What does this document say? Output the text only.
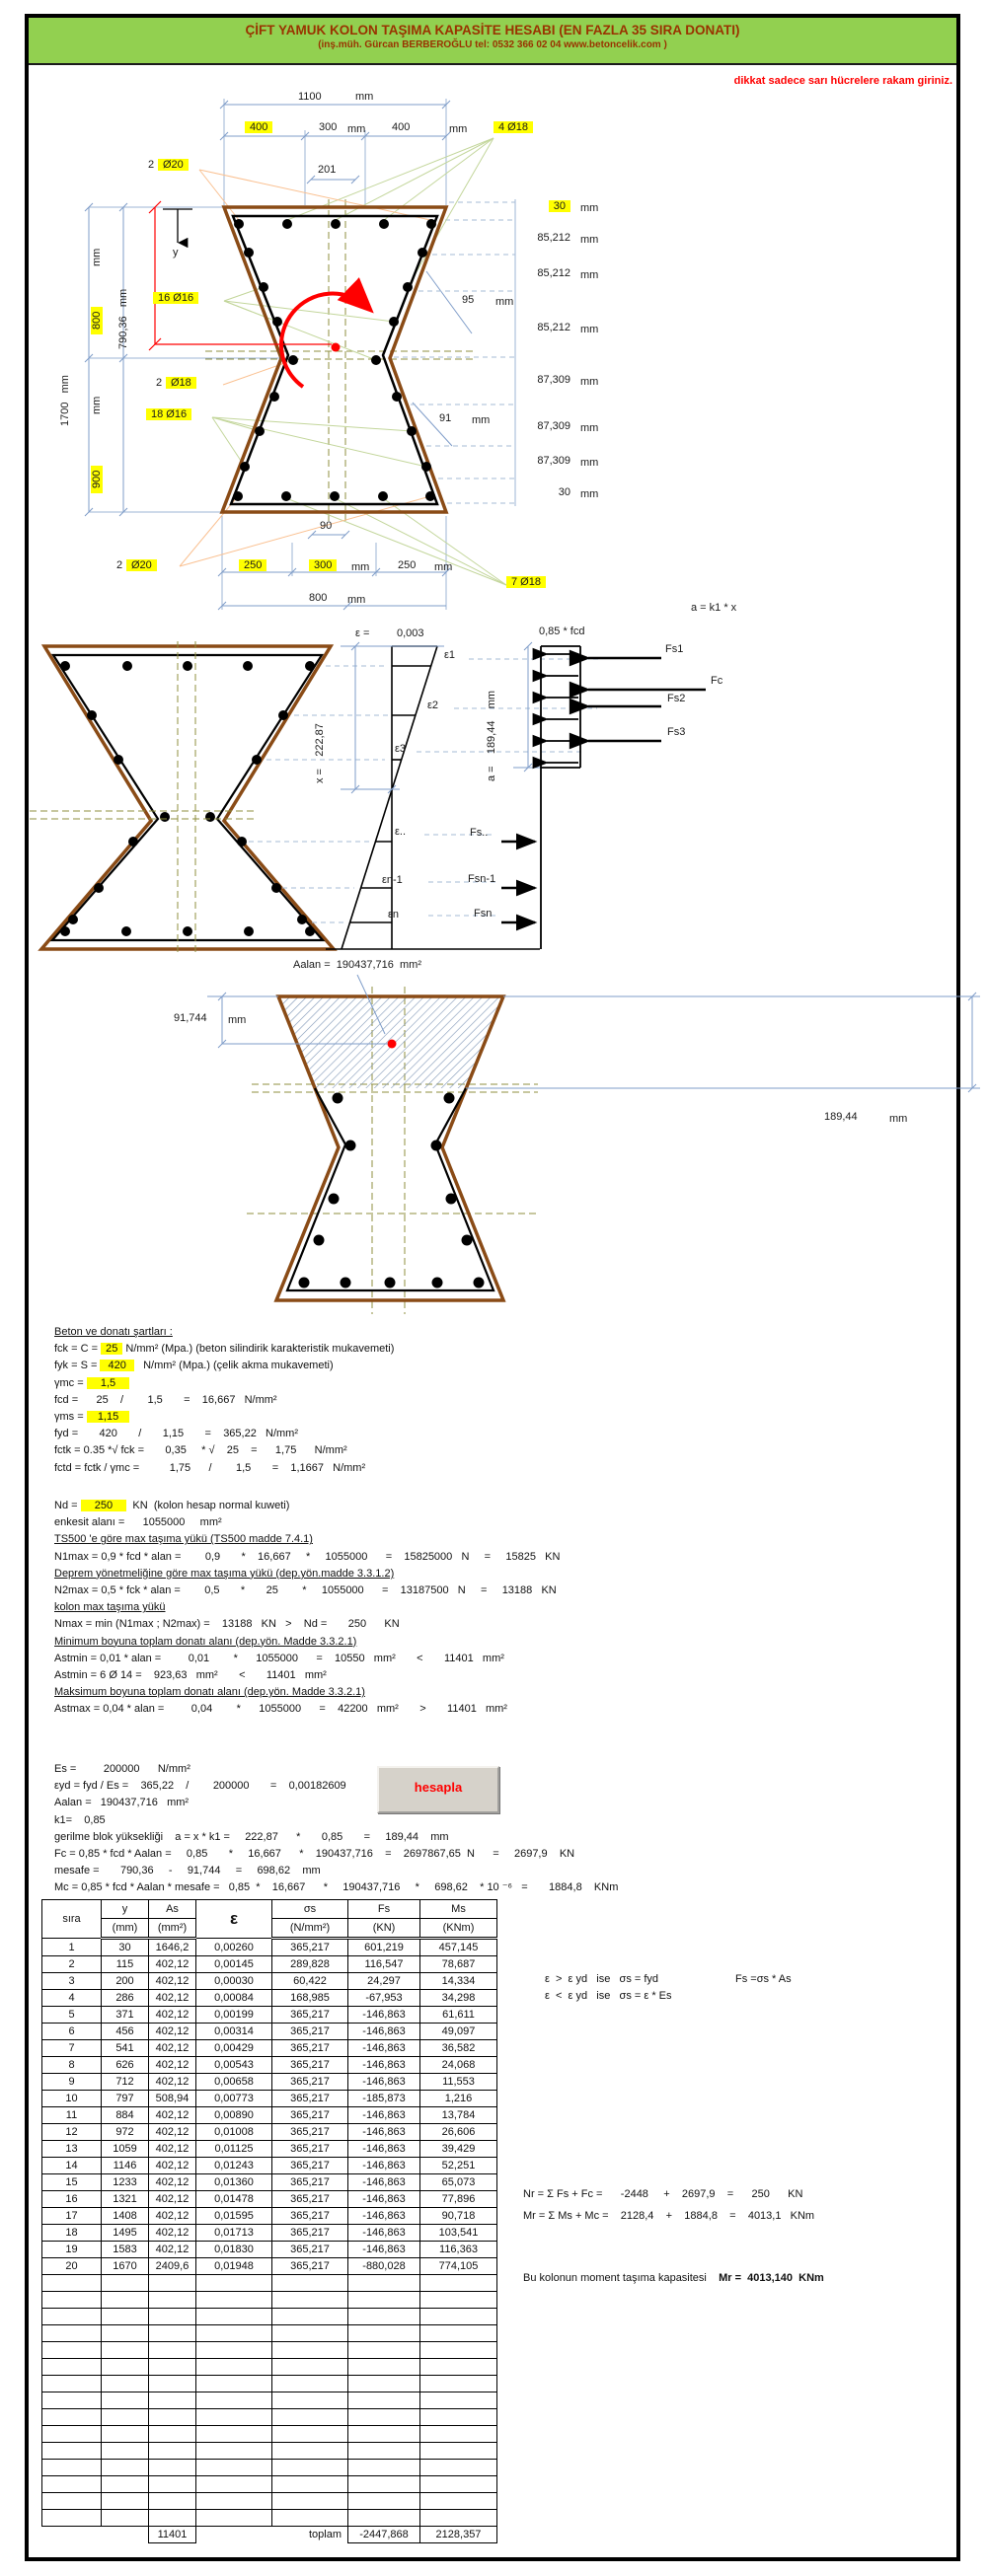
ÇİFT YAMUK KOLON TAŞIMA KAPASİTE HESABI (EN FAZLA 35 SIRA DONATI)
(inş.müh. Gürcan BERBEROĞLU tel: 0532 366 02 04 www.betoncelik.com )
dikkat sadece sarı hücrelere rakam giriniz.
1100	mm
400	300 mm 400	mm	4 Ø18
2 Ø20	201
1700   mm
mm
800 790,36   mm
y
16 Ø16
2 Ø18
18 Ø16
mm
900
95 mm
91 mm
90
2 Ø20	250	300	mm	250 mm
800 mm
7 Ø18
30	mm
85,212 mm
85,212 mm
85,212 mm
87,309 mm
87,309 mm
87,309 mm
30 mm
a = k1 * x
ε =	0,003
x =    222,87	a =    189,44    mm
0,85 * fcd
ε1
ε2
ε3
ε..
εn-1
εn
Fs1
Fc
Fs2
Fs3
Fs..
Fsn-1
Fsn
Aalan = 190437,716 mm²
91,744 mm
189,44	mm
Beton ve donatı şartları :
fck = C = 25 N/mm² (Mpa.) (beton silindirik karakteristik mukavemeti)
fyk = S =  420    N/mm² (Mpa.) (çelik akma mukavemeti)
γmc =    1,5
fcd =      25    /        1,5       =    16,667   N/mm²
γms =   1,15
fyd =       420       /       1,15       =    365,22   N/mm²
fctk = 0.35 *√ fck =       0,35     * √    25    =      1,75      N/mm²
fctd = fctk / γmc =          1,75      /        1,5       =    1,1667   N/mm²
Nd =    250     KN  (kolon hesap normal kuweti)
enkesit alanı =      1055000     mm²
TS500 'e göre max taşıma yükü (TS500 madde 7.4.1)
N1max = 0,9 * fcd * alan =        0,9       *    16,667     *     1055000      =    15825000   N     =     15825   KN
Deprem yönetmeliğine göre max taşıma yükü (dep.yön.madde 3.3.1.2)
N2max = 0,5 * fck * alan =        0,5       *       25        *     1055000      =    13187500   N     =     13188   KN
kolon max taşıma yükü
Nmax = min (N1max ; N2max) =    13188   KN   >    Nd =       250      KN
Minimum boyuna toplam donatı alanı (dep.yön. Madde 3.3.2.1)
Astmin = 0,01 * alan =         0,01        *      1055000      =    10550   mm²       <       11401   mm²
Astmin = 6 Ø 14 =    923,63   mm²       <       11401   mm²
Maksimum boyuna toplam donatı alanı (dep.yön. Madde 3.3.2.1)
Astmax = 0,04 * alan =         0,04        *      1055000      =    42200   mm²       >       11401   mm²
Es =         200000      N/mm²
εyd = fyd / Es =    365,22    /        200000       =    0,00182609
Aalan =   190437,716   mm²
k1=    0,85
gerilme blok yüksekliği    a = x * k1 =     222,87      *       0,85       =     189,44    mm
Fc = 0,85 * fcd * Aalan =     0,85       *     16,667      *    190437,716    =    2697867,65  N      =     2697,9    KN
mesafe =       790,36     -     91,744     =     698,62    mm
Mc = 0,85 * fcd * Aalan * mesafe =   0,85  *    16,667      *     190437,716     *     698,62    * 10 ⁻⁶   =       1884,8    KNm
hesapla
sıra	y	As	ε	σs	Fs	Ms
	(mm)	(mm²)		(N/mm²)	(KN)	(KNm)
1	30	1646,2	0,00260	365,217	601,219	457,145
2	115	402,12	0,00145	289,828	116,547	78,687
3	200	402,12	0,00030	60,422	24,297	14,334
4	286	402,12	0,00084	168,985	-67,953	34,298
5	371	402,12	0,00199	365,217	-146,863	61,611
6	456	402,12	0,00314	365,217	-146,863	49,097
7	541	402,12	0,00429	365,217	-146,863	36,582
8	626	402,12	0,00543	365,217	-146,863	24,068
9	712	402,12	0,00658	365,217	-146,863	11,553
10	797	508,94	0,00773	365,217	-185,873	1,216
11	884	402,12	0,00890	365,217	-146,863	13,784
12	972	402,12	0,01008	365,217	-146,863	26,606
13	1059	402,12	0,01125	365,217	-146,863	39,429
14	1146	402,12	0,01243	365,217	-146,863	52,251
15	1233	402,12	0,01360	365,217	-146,863	65,073
16	1321	402,12	0,01478	365,217	-146,863	77,896
17	1408	402,12	0,01595	365,217	-146,863	90,718
18	1495	402,12	0,01713	365,217	-146,863	103,541
19	1583	402,12	0,01830	365,217	-146,863	116,363
20	1670	2409,6	0,01948	365,217	-880,028	774,105

		11401		toplam	-2447,868	2128,357
ε  >  ε yd   ise   σs = fyd	Fs =σs * As
ε  <  ε yd   ise   σs = ε * Es
Nr = Σ Fs + Fc =      -2448     +    2697,9    =      250      KN
Mr = Σ Ms + Mc =    2128,4    +    1884,8    =    4013,1   KNm
Bu kolonun moment taşıma kapasitesi    Mr =  4013,140  KNm
